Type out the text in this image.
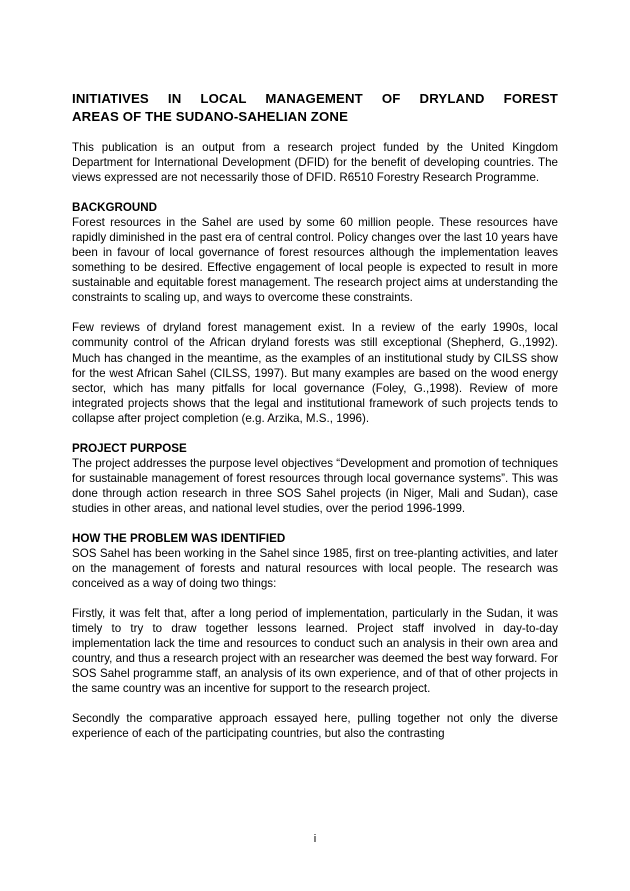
INITIATIVES IN LOCAL MANAGEMENT OF DRYLAND FOREST
AREAS OF THE SUDANO-SAHELIAN ZONE

This publication is an output from a research project funded by the United Kingdom Department for International Development (DFID) for the benefit of developing countries. The views expressed are not necessarily those of DFID. R6510 Forestry Research Programme.

BACKGROUND

Forest resources in the Sahel are used by some 60 million people. These resources have rapidly diminished in the past era of central control. Policy changes over the last 10 years have been in favour of local governance of forest resources although the implementation leaves something to be desired. Effective engagement of local people is expected to result in more sustainable and equitable forest management. The research project aims at understanding the constraints to scaling up, and ways to overcome these constraints.

Few reviews of dryland forest management exist. In a review of the early 1990s, local community control of the African dryland forests was still exceptional (Shepherd, G.,1992). Much has changed in the meantime, as the examples of an institutional study by CILSS show for the west African Sahel (CILSS, 1997). But many examples are based on the wood energy sector, which has many pitfalls for local governance (Foley, G.,1998). Review of more integrated projects shows that the legal and institutional framework of such projects tends to collapse after project completion (e.g. Arzika, M.S., 1996).

PROJECT PURPOSE

The project addresses the purpose level objectives “Development and promotion of techniques for sustainable management of forest resources through local governance systems”. This was done through action research in three SOS Sahel projects (in Niger, Mali and Sudan), case studies in other areas, and national level studies, over the period 1996-1999.

HOW THE PROBLEM WAS IDENTIFIED

SOS Sahel has been working in the Sahel since 1985, first on tree-planting activities, and later on the management of forests and natural resources with local people. The research was conceived as a way of doing two things:

Firstly, it was felt that, after a long period of implementation, particularly in the Sudan, it was timely to try to draw together lessons learned. Project staff involved in day-to-day implementation lack the time and resources to conduct such an analysis in their own area and country, and thus a research project with an researcher was deemed the best way forward. For SOS Sahel programme staff, an analysis of its own experience, and of that of other projects in the same country was an incentive for support to the research project.

Secondly the comparative approach essayed here, pulling together not only the diverse experience of each of the participating countries, but also the contrasting

i
